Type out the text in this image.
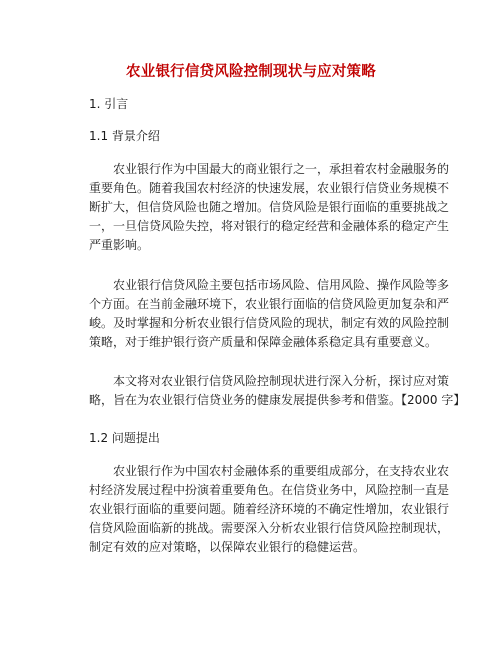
农业银行信贷风险控制现状与应对策略
1. 引言
1.1 背景介绍
农业银行作为中国最大的商业银行之一，承担着农村金融服务的
重要角色。随着我国农村经济的快速发展，农业银行信贷业务规模不
断扩大，但信贷风险也随之增加。信贷风险是银行面临的重要挑战之
一，一旦信贷风险失控，将对银行的稳定经营和金融体系的稳定产生
严重影响。
农业银行信贷风险主要包括市场风险、信用风险、操作风险等多
个方面。在当前金融环境下，农业银行面临的信贷风险更加复杂和严
峻。及时掌握和分析农业银行信贷风险的现状，制定有效的风险控制
策略，对于维护银行资产质量和保障金融体系稳定具有重要意义。
本文将对农业银行信贷风险控制现状进行深入分析，探讨应对策
略，旨在为农业银行信贷业务的健康发展提供参考和借鉴。【2000 字】
1.2 问题提出
农业银行作为中国农村金融体系的重要组成部分，在支持农业农
村经济发展过程中扮演着重要角色。在信贷业务中，风险控制一直是
农业银行面临的重要问题。随着经济环境的不确定性增加，农业银行
信贷风险面临新的挑战。需要深入分析农业银行信贷风险控制现状，
制定有效的应对策略，以保障农业银行的稳健运营。
